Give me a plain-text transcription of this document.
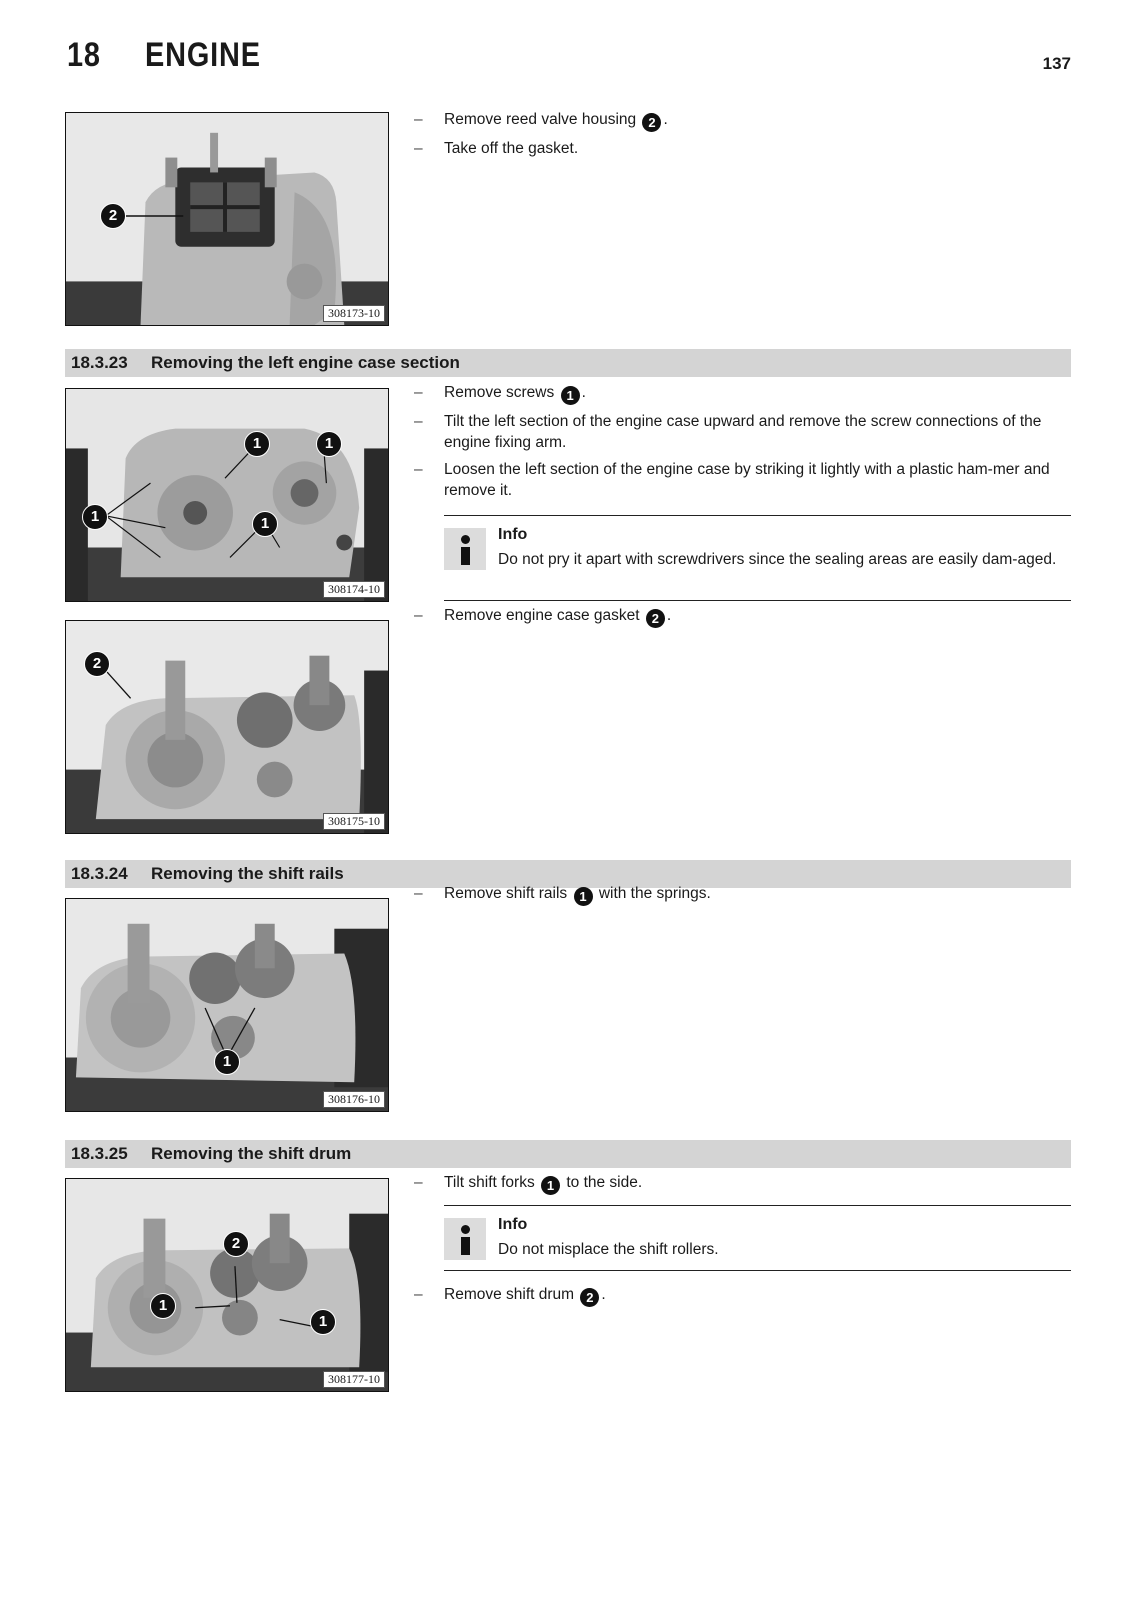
18 ENGINE	137
2
308173-10
– Remove reed valve housing 2 .
– Take off the gasket.
18.3.23 Removing the left engine case section
1	1
1	1
308174-10
– Remove screws 1 .
– Tilt the left section of the engine case upward and remove the screw connections of the engine fixing arm.
– Loosen the left section of the engine case by striking it lightly with a plastic ham-mer and remove it.
Info
Do not pry it apart with screwdrivers since the sealing areas are easily dam-aged.
2
308175-10
– Remove engine case gasket 2 .
18.3.24 Removing the shift rails
1
308176-10
– Remove shift rails 1 with the springs.
18.3.25 Removing the shift drum
2
1
1
308177-10
– Tilt shift forks 1 to the side.
Info
Do not misplace the shift rollers.
– Remove shift drum 2 .
